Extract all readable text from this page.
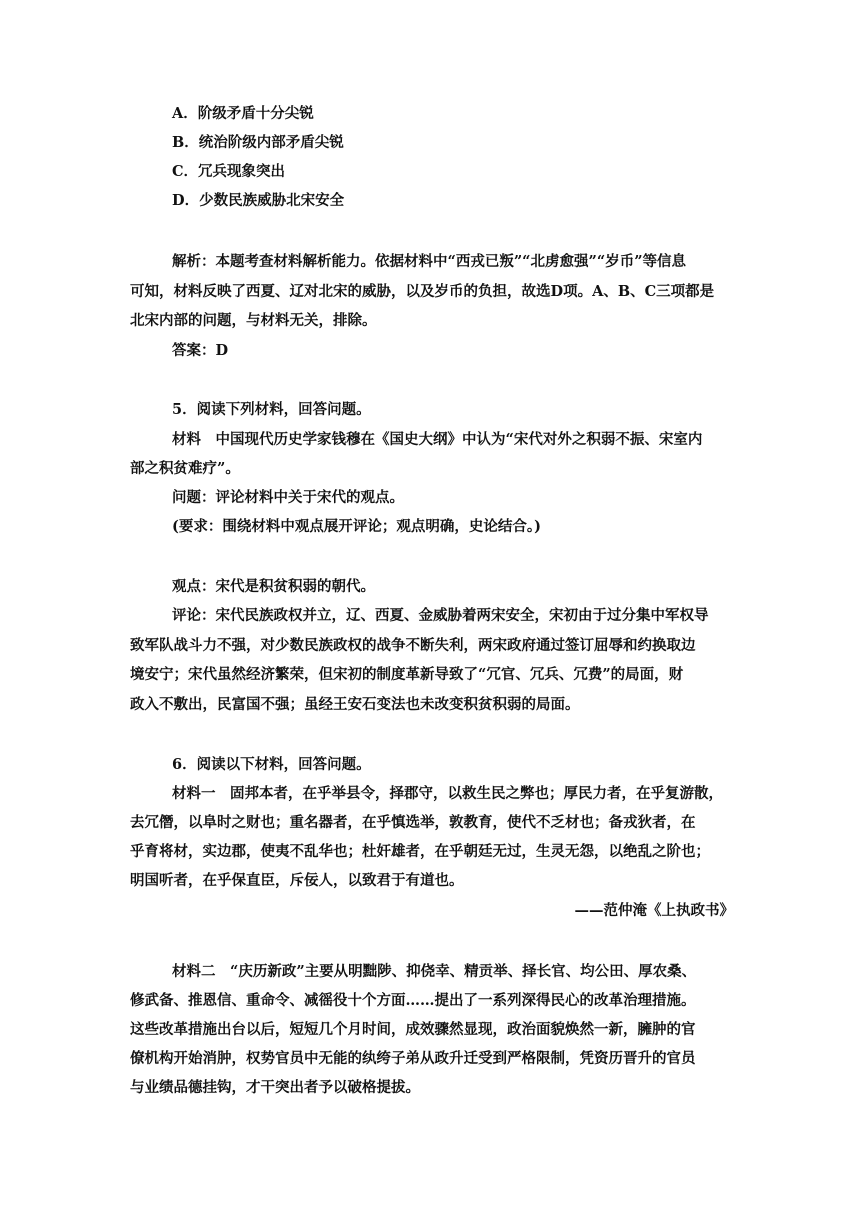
A．阶级矛盾十分尖锐
B．统治阶级内部矛盾尖锐
C．冗兵现象突出
D．少数民族威胁北宋安全
解析：本题考查材料解析能力。依据材料中“西戎已叛”“北虏愈强”“岁币”等信息
可知，材料反映了西夏、辽对北宋的威胁，以及岁币的负担，故选D项。A、B、C三项都是
北宋内部的问题，与材料无关，排除。
答案：D
5．阅读下列材料，回答问题。
材料　中国现代历史学家钱穆在《国史大纲》中认为“宋代对外之积弱不振、宋室内
部之积贫难疗”。
问题：评论材料中关于宋代的观点。
(要求：围绕材料中观点展开评论；观点明确，史论结合。)
观点：宋代是积贫积弱的朝代。
评论：宋代民族政权并立，辽、西夏、金威胁着两宋安全，宋初由于过分集中军权导
致军队战斗力不强，对少数民族政权的战争不断失利，两宋政府通过签订屈辱和约换取边
境安宁；宋代虽然经济繁荣，但宋初的制度革新导致了“冗官、冗兵、冗费”的局面，财
政入不敷出，民富国不强；虽经王安石变法也未改变积贫积弱的局面。
6．阅读以下材料，回答问题。
材料一　固邦本者，在乎举县令，择郡守，以救生民之弊也；厚民力者，在乎复游散，
去冗僭，以阜时之财也；重名器者，在乎慎选举，敦教育，使代不乏材也；备戎狄者，在
乎育将材，实边郡，使夷不乱华也；杜奸雄者，在乎朝廷无过，生灵无怨，以绝乱之阶也；
明国听者，在乎保直臣，斥佞人，以致君于有道也。
——范仲淹《上执政书》
材料二　“庆历新政”主要从明黜陟、抑侥幸、精贡举、择长官、均公田、厚农桑、
修武备、推恩信、重命令、减徭役十个方面……提出了一系列深得民心的改革治理措施。
这些改革措施出台以后，短短几个月时间，成效骤然显现，政治面貌焕然一新，臃肿的官
僚机构开始消肿，权势官员中无能的纨绔子弟从政升迁受到严格限制，凭资历晋升的官员
与业绩品德挂钩，才干突出者予以破格提拔。
